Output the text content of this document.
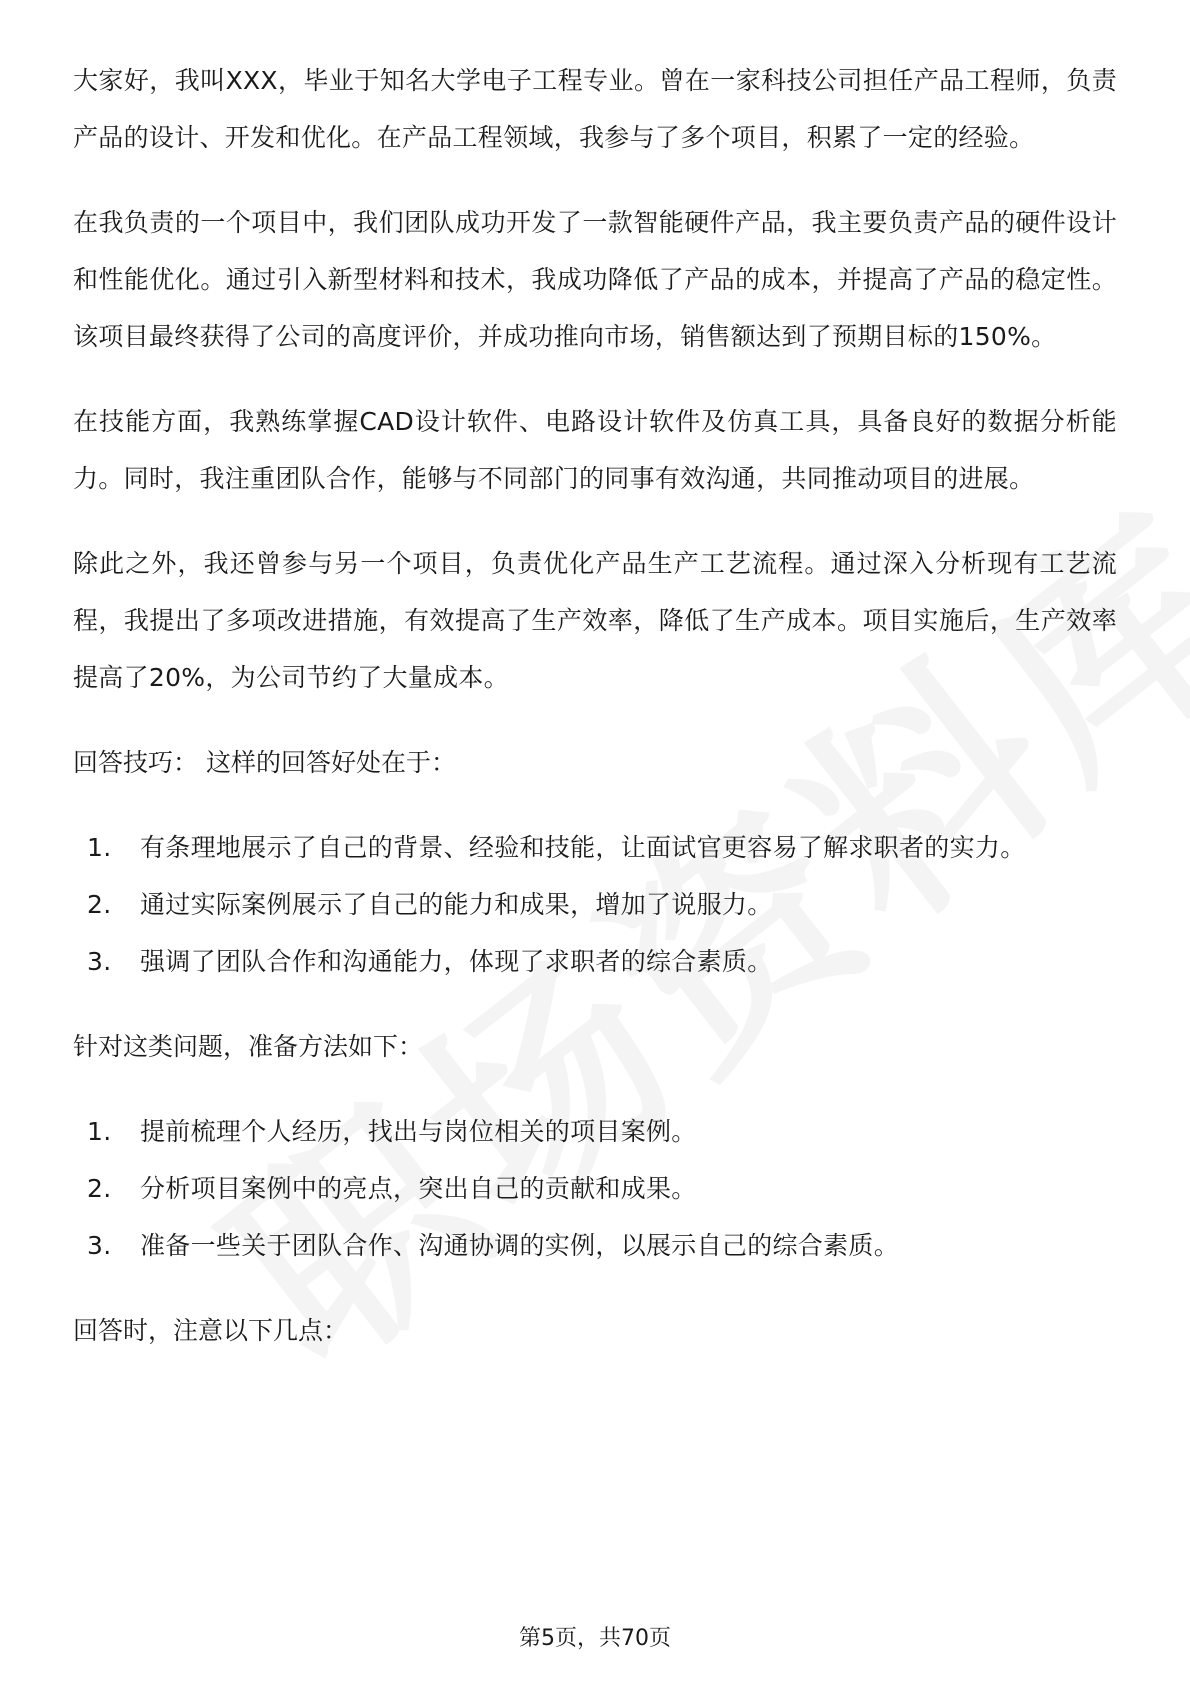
大家好，我叫XXX，毕业于知名大学电子工程专业。曾在一家科技公司担任产品工程师，负责产品的设计、开发和优化。在产品工程领域，我参与了多个项目，积累了一定的经验。

在我负责的一个项目中，我们团队成功开发了一款智能硬件产品，我主要负责产品的硬件设计和性能优化。通过引入新型材料和技术，我成功降低了产品的成本，并提高了产品的稳定性。该项目最终获得了公司的高度评价，并成功推向市场，销售额达到了预期目标的150%。

在技能方面，我熟练掌握CAD设计软件、电路设计软件及仿真工具，具备良好的数据分析能力。同时，我注重团队合作，能够与不同部门的同事有效沟通，共同推动项目的进展。

除此之外，我还曾参与另一个项目，负责优化产品生产工艺流程。通过深入分析现有工艺流程，我提出了多项改进措施，有效提高了生产效率，降低了生产成本。项目实施后，生产效率提高了20%，为公司节约了大量成本。

回答技巧： 这样的回答好处在于：

1.	有条理地展示了自己的背景、经验和技能，让面试官更容易了解求职者的实力。
2.	通过实际案例展示了自己的能力和成果，增加了说服力。
3.	强调了团队合作和沟通能力，体现了求职者的综合素质。

针对这类问题，准备方法如下：

1.	提前梳理个人经历，找出与岗位相关的项目案例。
2.	分析项目案例中的亮点，突出自己的贡献和成果。
3.	准备一些关于团队合作、沟通协调的实例，以展示自己的综合素质。

回答时，注意以下几点：

第5页，共70页
